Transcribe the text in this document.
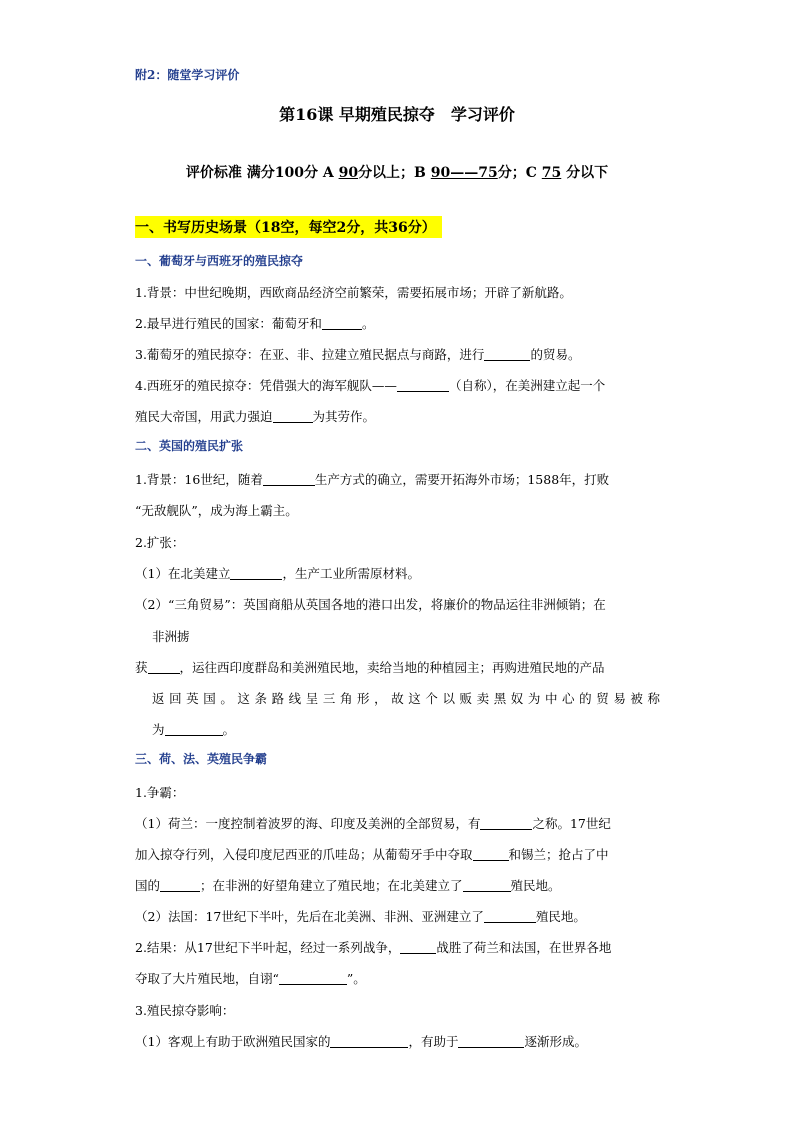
附2：随堂学习评价
第16课 早期殖民掠夺　学习评价
评价标准 满分100分 A 90分以上；B 90——75分；C 75 分以下
一、书写历史场景（18空，每空2分，共36分）
一、葡萄牙与西班牙的殖民掠夺
1.背景：中世纪晚期，西欧商品经济空前繁荣，需要拓展市场；开辟了新航路。
2.最早进行殖民的国家：葡萄牙和	。
3.葡萄牙的殖民掠夺：在亚、非、拉建立殖民据点与商路，进行	的贸易。
4.西班牙的殖民掠夺：凭借强大的海军舰队——	（自称），在美洲建立起一个
殖民大帝国，用武力强迫	为其劳作。
二、英国的殖民扩张
1.背景：16世纪，随着	生产方式的确立，需要开拓海外市场；1588年，打败
“无敌舰队”，成为海上霸主。
2.扩张：
（1）在北美建立	，生产工业所需原材料。
（2）“三角贸易”：英国商船从英国各地的港口出发，将廉价的物品运往非洲倾销；在
非洲掳
获	，运往西印度群岛和美洲殖民地，卖给当地的种植园主；再购进殖民地的产品
返回英国。这条路线呈三角形，故这个以贩卖黑奴为中心的贸易被称
为	。
三、荷、法、英殖民争霸
1.争霸：
（1）荷兰：一度控制着波罗的海、印度及美洲的全部贸易，有	之称。17世纪
加入掠夺行列，入侵印度尼西亚的爪哇岛；从葡萄牙手中夺取	和锡兰；抢占了中
国的	；在非洲的好望角建立了殖民地；在北美建立了	殖民地。
（2）法国：17世纪下半叶，先后在北美洲、非洲、亚洲建立了	殖民地。
2.结果：从17世纪下半叶起，经过一系列战争，	战胜了荷兰和法国，在世界各地
夺取了大片殖民地，自诩“	”。
3.殖民掠夺影响：
（1）客观上有助于欧洲殖民国家的	，有助于	逐渐形成。
